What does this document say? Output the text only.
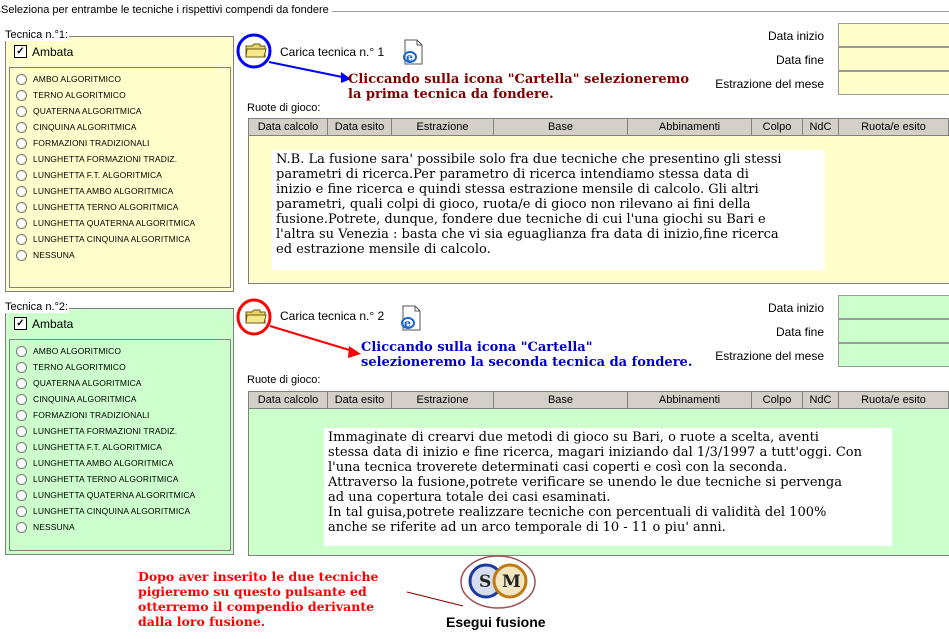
Seleziona per entrambe le tecniche i rispettivi compendi da fondere
Tecnica n.°1:
✓ Ambata
AMBO ALGORITMICO
TERNO ALGORITMICO
QUATERNA ALGORITMICA
CINQUINA ALGORITMICA
FORMAZIONI TRADIZIONALI
LUNGHETTA FORMAZIONI TRADIZ.
LUNGHETTA F.T. ALGORITMICA
LUNGHETTA AMBO ALGORITMICA
LUNGHETTA TERNO ALGORITMICA
LUNGHETTA QUATERNA ALGORITMICA
LUNGHETTA CINQUINA ALGORITMICA
NESSUNA
Carica tecnica n.° 1 e
Cliccando sulla icona "Cartella" selezioneremo
la prima tecnica da fondere.
Data inizio
Data fine
Estrazione del mese
Ruote di gioco:
Data calcolo	Data esito	Estrazione	Base	Abbinamenti	Colpo	NdC	Ruota/e esito
N.B. La fusione sara' possibile solo fra due tecniche che presentino gli stessi
parametri di ricerca.Per parametro di ricerca intendiamo stessa data di
inizio e fine ricerca e quindi stessa estrazione mensile di calcolo. Gli altri
parametri, quali colpi di gioco, ruota/e di gioco non rilevano ai fini della
fusione.Potrete, dunque, fondere due tecniche di cui l'una giochi su Bari e
l'altra su Venezia : basta che vi sia eguaglianza fra data di inizio,fine ricerca
ed estrazione mensile di calcolo.
Tecnica n.°2:
✓ Ambata
AMBO ALGORITMICO
TERNO ALGORITMICO
QUATERNA ALGORITMICA
CINQUINA ALGORITMICA
FORMAZIONI TRADIZIONALI
LUNGHETTA FORMAZIONI TRADIZ.
LUNGHETTA F.T. ALGORITMICA
LUNGHETTA AMBO ALGORITMICA
LUNGHETTA TERNO ALGORITMICA
LUNGHETTA QUATERNA ALGORITMICA
LUNGHETTA CINQUINA ALGORITMICA
NESSUNA
Carica tecnica n.° 2
e
Cliccando sulla icona "Cartella"
selezioneremo la seconda tecnica da fondere.
Data inizio
Data fine
Estrazione del mese
Ruote di gioco:
Data calcolo	Data esito	Estrazione	Base	Abbinamenti	Colpo	NdC	Ruota/e esito
Immaginate di crearvi due metodi di gioco su Bari, o ruote a scelta, aventi
stessa data di inizio e fine ricerca, magari iniziando dal 1/3/1997 a tutt'oggi. Con
l'una tecnica troverete determinati casi coperti e così con la seconda.
Attraverso la fusione,potrete verificare se unendo le due tecniche si pervenga
ad una copertura totale dei casi esaminati.
In tal guisa,potrete realizzare tecniche con percentuali di validità del 100%
anche se riferite ad un arco temporale di 10 - 11 o piu' anni.
Dopo aver inserito le due tecniche
pigieremo su questo pulsante ed
otterremo il compendio derivante
dalla loro fusione.
S M
Esegui fusione
